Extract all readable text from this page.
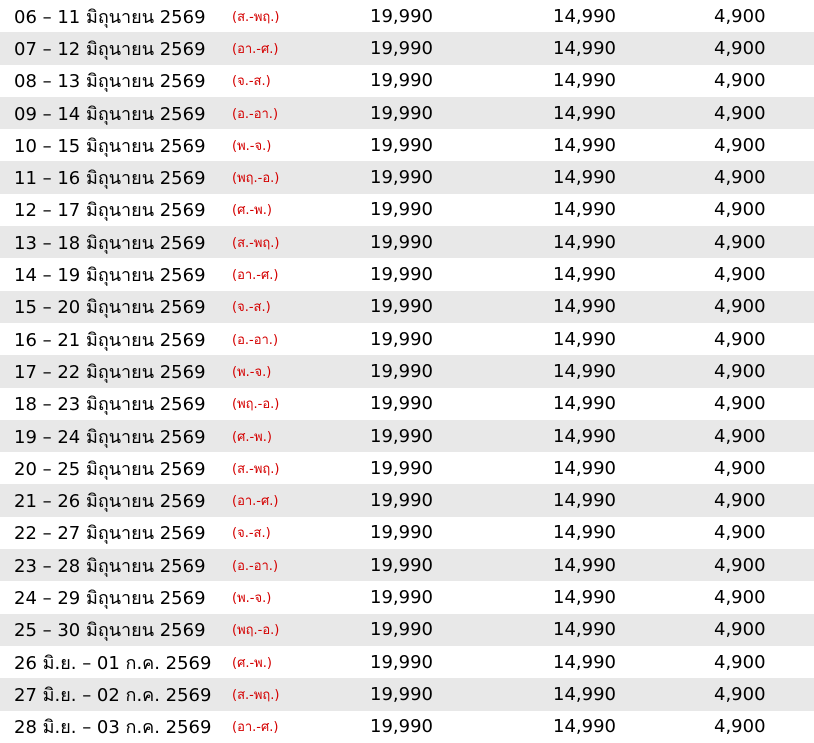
06 – 11 มิถุนายน 2569 (ส.-พฤ.)	19,990	14,990	4,900
07 – 12 มิถุนายน 2569 (อา.-ศ.)	19,990	14,990	4,900
08 – 13 มิถุนายน 2569 (จ.-ส.)	19,990	14,990	4,900
09 – 14 มิถุนายน 2569 (อ.-อา.)	19,990	14,990	4,900
10 – 15 มิถุนายน 2569 (พ.-จ.)	19,990	14,990	4,900
11 – 16 มิถุนายน 2569 (พฤ.-อ.)	19,990	14,990	4,900
12 – 17 มิถุนายน 2569 (ศ.-พ.)	19,990	14,990	4,900
13 – 18 มิถุนายน 2569 (ส.-พฤ.)	19,990	14,990	4,900
14 – 19 มิถุนายน 2569 (อา.-ศ.)	19,990	14,990	4,900
15 – 20 มิถุนายน 2569 (จ.-ส.)	19,990	14,990	4,900
16 – 21 มิถุนายน 2569 (อ.-อา.)	19,990	14,990	4,900
17 – 22 มิถุนายน 2569 (พ.-จ.)	19,990	14,990	4,900
18 – 23 มิถุนายน 2569 (พฤ.-อ.)	19,990	14,990	4,900
19 – 24 มิถุนายน 2569 (ศ.-พ.)	19,990	14,990	4,900
20 – 25 มิถุนายน 2569 (ส.-พฤ.)	19,990	14,990	4,900
21 – 26 มิถุนายน 2569 (อา.-ศ.)	19,990	14,990	4,900
22 – 27 มิถุนายน 2569 (จ.-ส.)	19,990	14,990	4,900
23 – 28 มิถุนายน 2569 (อ.-อา.)	19,990	14,990	4,900
24 – 29 มิถุนายน 2569 (พ.-จ.)	19,990	14,990	4,900
25 – 30 มิถุนายน 2569 (พฤ.-อ.)	19,990	14,990	4,900
26 มิ.ย. – 01 ก.ค. 2569 (ศ.-พ.)	19,990	14,990	4,900
27 มิ.ย. – 02 ก.ค. 2569 (ส.-พฤ.)	19,990	14,990	4,900
28 มิ.ย. – 03 ก.ค. 2569 (อา.-ศ.)	19,990	14,990	4,900
